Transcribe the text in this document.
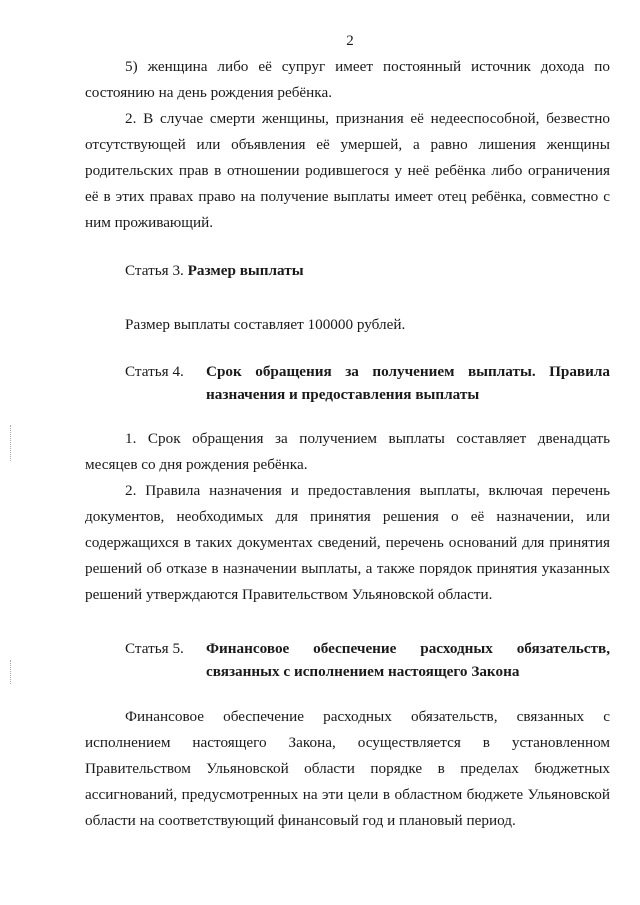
2

5) женщина либо её супруг имеет постоянный источник дохода по состоянию на день рождения ребёнка.

2. В случае смерти женщины, признания её недееспособной, безвестно отсутствующей или объявления её умершей, а равно лишения женщины родительских прав в отношении родившегося у неё ребёнка либо ограничения её в этих правах право на получение выплаты имеет отец ребёнка, совместно с ним проживающий.

Статья 3. Размер выплаты
Размер выплаты составляет 100000 рублей.
Статья 4. Срок обращения за получением выплаты. Правила назначения и предоставления выплаты

1. Срок обращения за получением выплаты составляет двенадцать месяцев со дня рождения ребёнка.

2. Правила назначения и предоставления выплаты, включая перечень документов, необходимых для принятия решения о её назначении, или содержащихся в таких документах сведений, перечень оснований для принятия решений об отказе в назначении выплаты, а также порядок принятия указанных решений утверждаются Правительством Ульяновской области.

Статья 5. Финансовое обеспечение расходных обязательств, связанных с исполнением настоящего Закона

Финансовое обеспечение расходных обязательств, связанных с исполнением настоящего Закона, осуществляется в установленном Правительством Ульяновской области порядке в пределах бюджетных ассигнований, предусмотренных на эти цели в областном бюджете Ульяновской области на соответствующий финансовый год и плановый период.
